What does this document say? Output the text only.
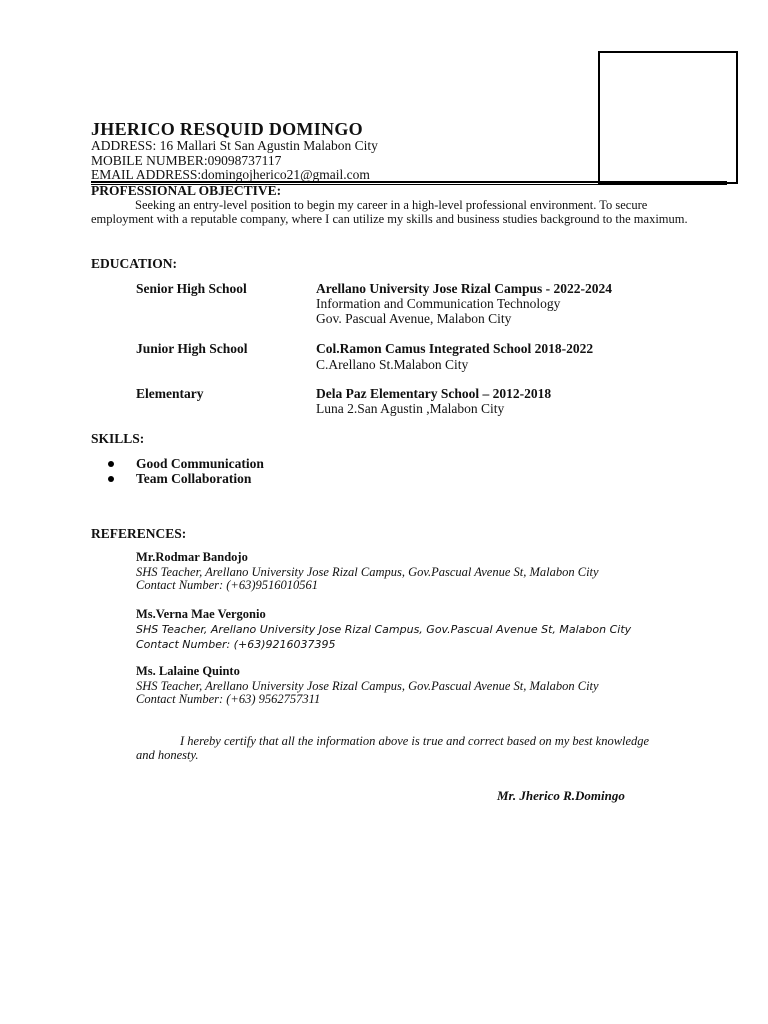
JHERICO RESQUID DOMINGO
ADDRESS: 16 Mallari St San Agustin Malabon City
MOBILE NUMBER:09098737117
EMAIL ADDRESS:domingojherico21@gmail.com
PROFESSIONAL OBJECTIVE:
Seeking an entry-level position to begin my career in a high-level professional environment. To secure employment with a reputable company, where I can utilize my skills and business studies background to the maximum.
EDUCATION:
Senior High School	Arellano University Jose Rizal Campus - 2022-2024
Information and Communication Technology
Gov. Pascual Avenue, Malabon City
Junior High School	Col.Ramon Camus Integrated School 2018-2022
C.Arellano St.Malabon City
Elementary	Dela Paz Elementary School – 2012-2018
Luna 2.San Agustin ,Malabon City
SKILLS:
Good Communication
Team Collaboration
REFERENCES:
Mr.Rodmar Bandojo
SHS Teacher, Arellano University Jose Rizal Campus, Gov.Pascual Avenue St, Malabon City
Contact Number: (+63)9516010561
Ms.Verna Mae Vergonio
SHS Teacher, Arellano University Jose Rizal Campus, Gov.Pascual Avenue St, Malabon City
Contact Number: (+63)9216037395
Ms. Lalaine Quinto
SHS Teacher, Arellano University Jose Rizal Campus, Gov.Pascual Avenue St, Malabon City
Contact Number: (+63) 9562757311
I hereby certify that all the information above is true and correct based on my best knowledge and honesty.
Mr. Jherico R.Domingo
